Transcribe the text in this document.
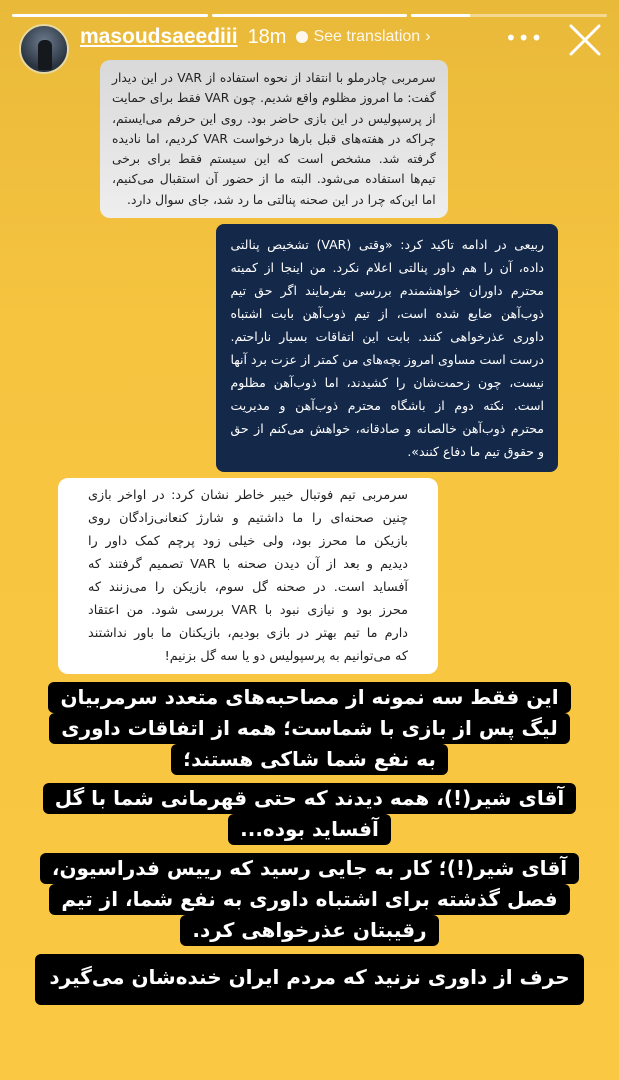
masoudsaeediii 18m See translation ›	•••
سرمربی چادرملو با انتقاد از نحوه استفاده از VAR در این دیدار
گفت: ما امروز مظلوم واقع شدیم. چون VAR فقط برای حمایت
از پرسپولیس در این بازی حاضر بود. روی این حرفم می‌ایستم،
چراکه در هفته‌های قبل بارها درخواست VAR کردیم، اما نادیده
گرفته شد. مشخص است که این سیستم فقط برای برخی
تیم‌ها استفاده می‌شود. البته ما از حضور آن استقبال می‌کنیم،
اما این‌که چرا در این صحنه پنالتی ما رد شد، جای سوال دارد.
ربیعی در ادامه تاکید کرد: «وقتی (VAR) تشخیص پنالتی
داده، آن را هم داور پنالتی اعلام نکرد. من اینجا از کمیته
محترم داوران خواهشمندم بررسی بفرمایند اگر حق تیم
ذوب‌آهن ضایع شده است، از تیم ذوب‌آهن بابت اشتباه
داوری عذرخواهی کنند. بابت این اتفاقات بسیار ناراحتم.
درست است مساوی امروز بچه‌های من کمتر از عزت برد آنها
نیست، چون زحمت‌شان را کشیدند، اما ذوب‌آهن مظلوم
است. نکته دوم از باشگاه محترم ذوب‌آهن و مدیریت
محترم ذوب‌آهن خالصانه و صادقانه، خواهش می‌کنم از حق
و حقوق تیم ما دفاع کنند».
سرمربی تیم فوتبال خیبر خاطر نشان کرد: در اواخر بازی
چنین صحنه‌ای را ما داشتیم و شارژ کنعانی‌زادگان روی
بازیکن ما محرز بود، ولی خیلی زود پرچم کمک داور را
دیدیم و بعد از آن دیدن صحنه با VAR تصمیم گرفتند که
آفساید است. در صحنه گل سوم، بازیکن را می‌زنند که
محرز بود و نیازی نبود با VAR بررسی شود. من اعتقاد
دارم ما تیم بهتر در بازی بودیم، بازیکنان ما باور نداشتند
که می‌توانیم به پرسپولیس دو یا سه گل بزنیم!
این فقط سه نمونه از مصاحبه‌های متعدد سرمربیان
لیگ پس از بازی با شماست؛ همه از اتفاقات داوری
به نفع شما شاکی هستند؛
آقای شیر(!)، همه دیدند که حتی قهرمانی شما با گل
آفساید بوده...
آقای شیر(!)؛ کار به جایی رسید که رییس فدراسیون،
فصل گذشته برای اشتباه داوری به نفع شما، از تیم
رقیبتان عذرخواهی کرد.
حرف از داوری نزنید که مردم ایران خنده‌شان می‌گیرد
